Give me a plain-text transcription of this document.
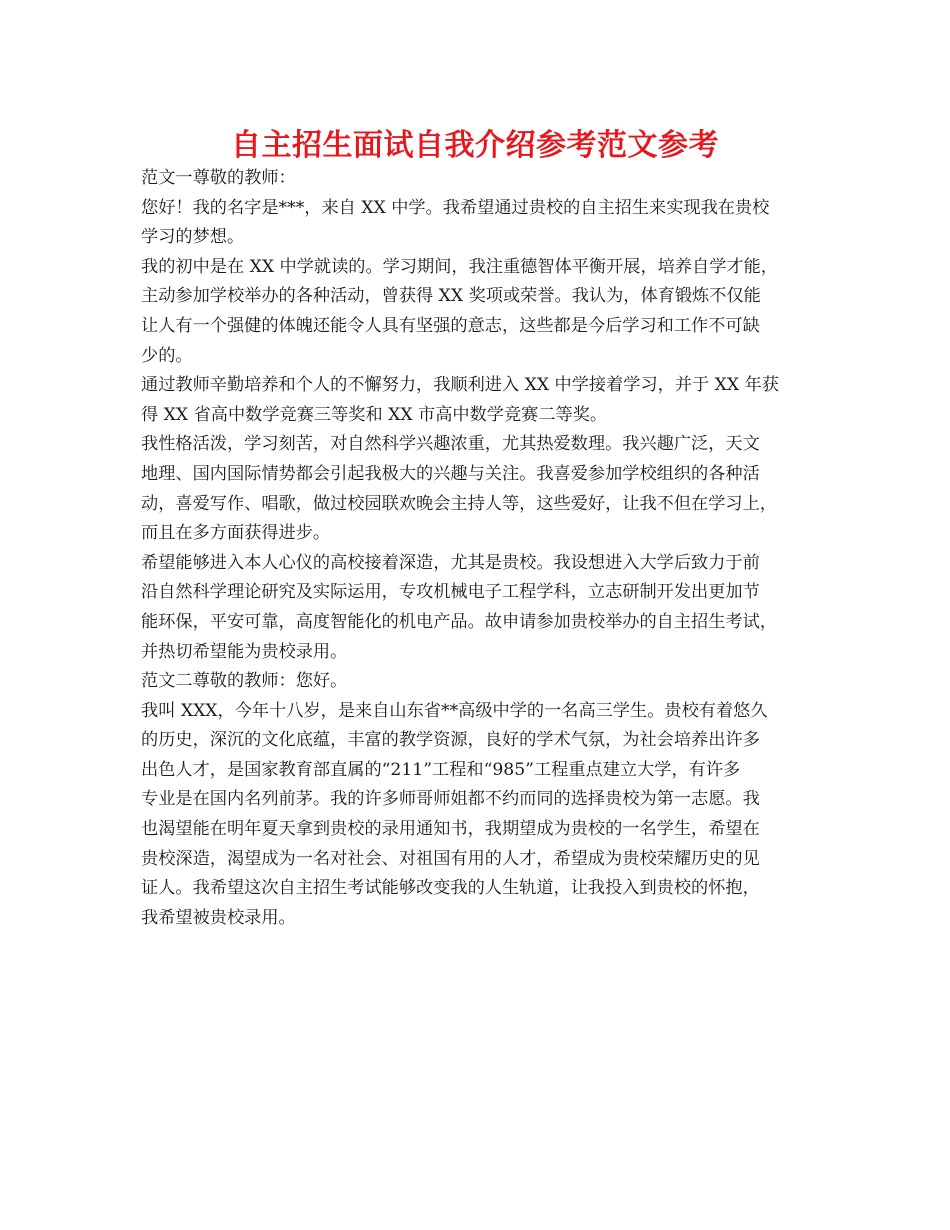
自主招生面试自我介绍参考范文参考
范文一尊敬的教师：
您好！我的名字是***，来自 XX 中学。我希望通过贵校的自主招生来实现我在贵校
学习的梦想。
我的初中是在 XX 中学就读的。学习期间，我注重德智体平衡开展，培养自学才能，
主动参加学校举办的各种活动，曾获得 XX 奖项或荣誉。我认为，体育锻炼不仅能
让人有一个强健的体魄还能令人具有坚强的意志，这些都是今后学习和工作不可缺
少的。
通过教师辛勤培养和个人的不懈努力，我顺利进入 XX 中学接着学习，并于 XX 年获
得 XX 省高中数学竞赛三等奖和 XX 市高中数学竞赛二等奖。
我性格活泼，学习刻苦，对自然科学兴趣浓重，尤其热爱数理。我兴趣广泛，天文
地理、国内国际情势都会引起我极大的兴趣与关注。我喜爱参加学校组织的各种活
动，喜爱写作、唱歌，做过校园联欢晚会主持人等，这些爱好，让我不但在学习上，
而且在多方面获得进步。
希望能够进入本人心仪的高校接着深造，尤其是贵校。我设想进入大学后致力于前
沿自然科学理论研究及实际运用，专攻机械电子工程学科，立志研制开发出更加节
能环保，平安可靠，高度智能化的机电产品。故申请参加贵校举办的自主招生考试，
并热切希望能为贵校录用。
范文二尊敬的教师：您好。
我叫 XXX，今年十八岁，是来自山东省**高级中学的一名高三学生。贵校有着悠久
的历史，深沉的文化底蕴，丰富的教学资源，良好的学术气氛，为社会培养出许多
出色人才，是国家教育部直属的“211”工程和“985”工程重点建立大学，有许多
专业是在国内名列前茅。我的许多师哥师姐都不约而同的选择贵校为第一志愿。我
也渴望能在明年夏天拿到贵校的录用通知书，我期望成为贵校的一名学生，希望在
贵校深造，渴望成为一名对社会、对祖国有用的人才，希望成为贵校荣耀历史的见
证人。我希望这次自主招生考试能够改变我的人生轨道，让我投入到贵校的怀抱，
我希望被贵校录用。
